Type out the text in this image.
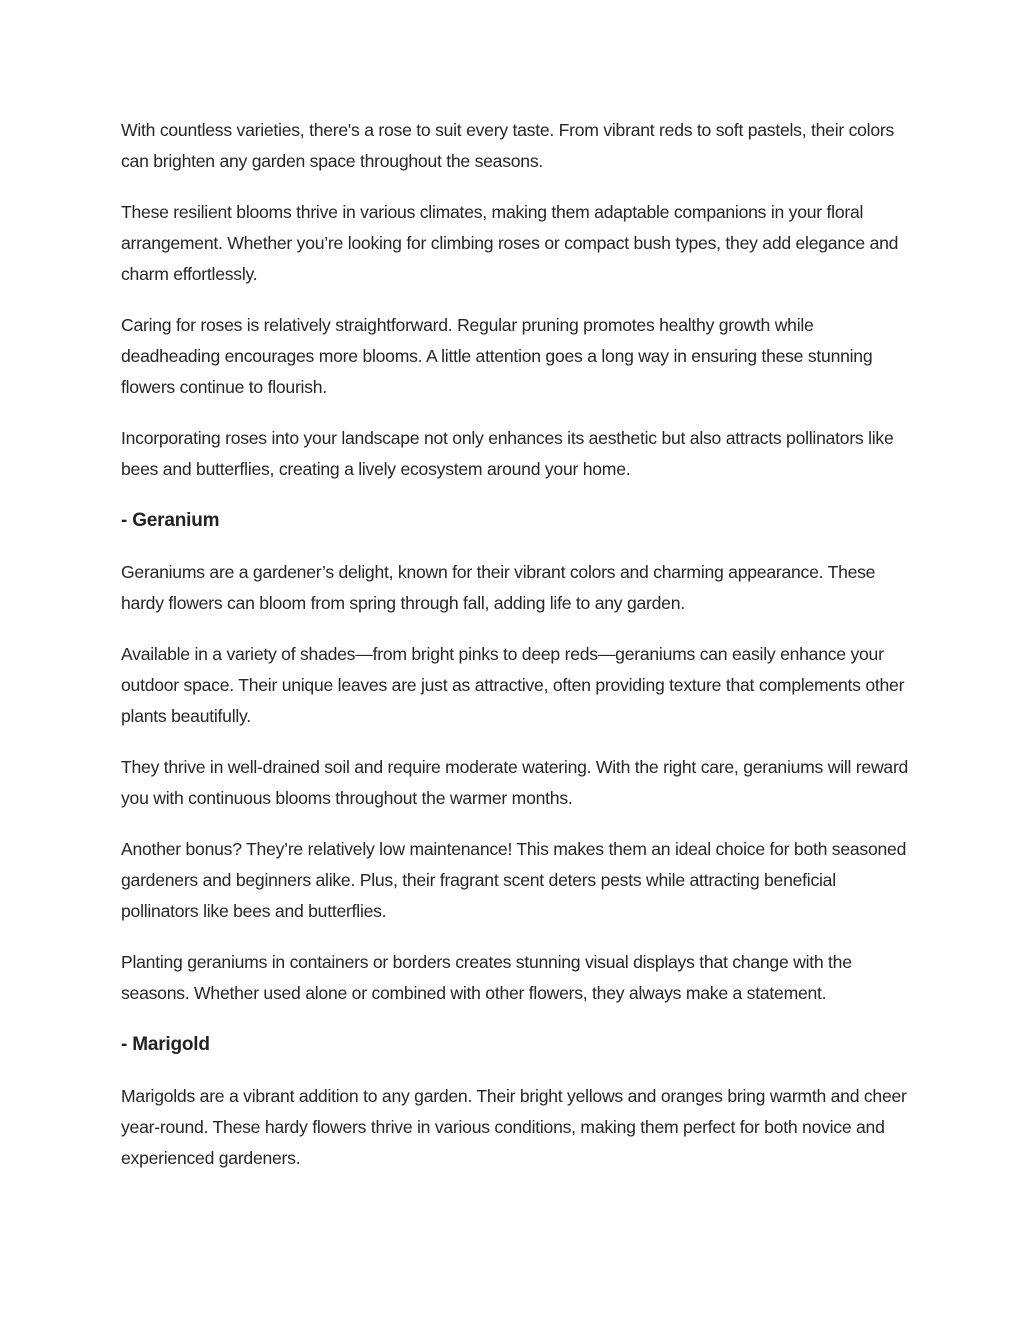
With countless varieties, there's a rose to suit every taste. From vibrant reds to soft pastels, their colors can brighten any garden space throughout the seasons.

These resilient blooms thrive in various climates, making them adaptable companions in your floral arrangement. Whether you’re looking for climbing roses or compact bush types, they add elegance and charm effortlessly.

Caring for roses is relatively straightforward. Regular pruning promotes healthy growth while deadheading encourages more blooms. A little attention goes a long way in ensuring these stunning flowers continue to flourish.

Incorporating roses into your landscape not only enhances its aesthetic but also attracts pollinators like bees and butterflies, creating a lively ecosystem around your home.

- Geranium

Geraniums are a gardener’s delight, known for their vibrant colors and charming appearance. These hardy flowers can bloom from spring through fall, adding life to any garden.

Available in a variety of shades—from bright pinks to deep reds—geraniums can easily enhance your outdoor space. Their unique leaves are just as attractive, often providing texture that complements other plants beautifully.

They thrive in well-drained soil and require moderate watering. With the right care, geraniums will reward you with continuous blooms throughout the warmer months.

Another bonus? They’re relatively low maintenance! This makes them an ideal choice for both seasoned gardeners and beginners alike. Plus, their fragrant scent deters pests while attracting beneficial pollinators like bees and butterflies.

Planting geraniums in containers or borders creates stunning visual displays that change with the seasons. Whether used alone or combined with other flowers, they always make a statement.

- Marigold

Marigolds are a vibrant addition to any garden. Their bright yellows and oranges bring warmth and cheer year-round. These hardy flowers thrive in various conditions, making them perfect for both novice and experienced gardeners.
